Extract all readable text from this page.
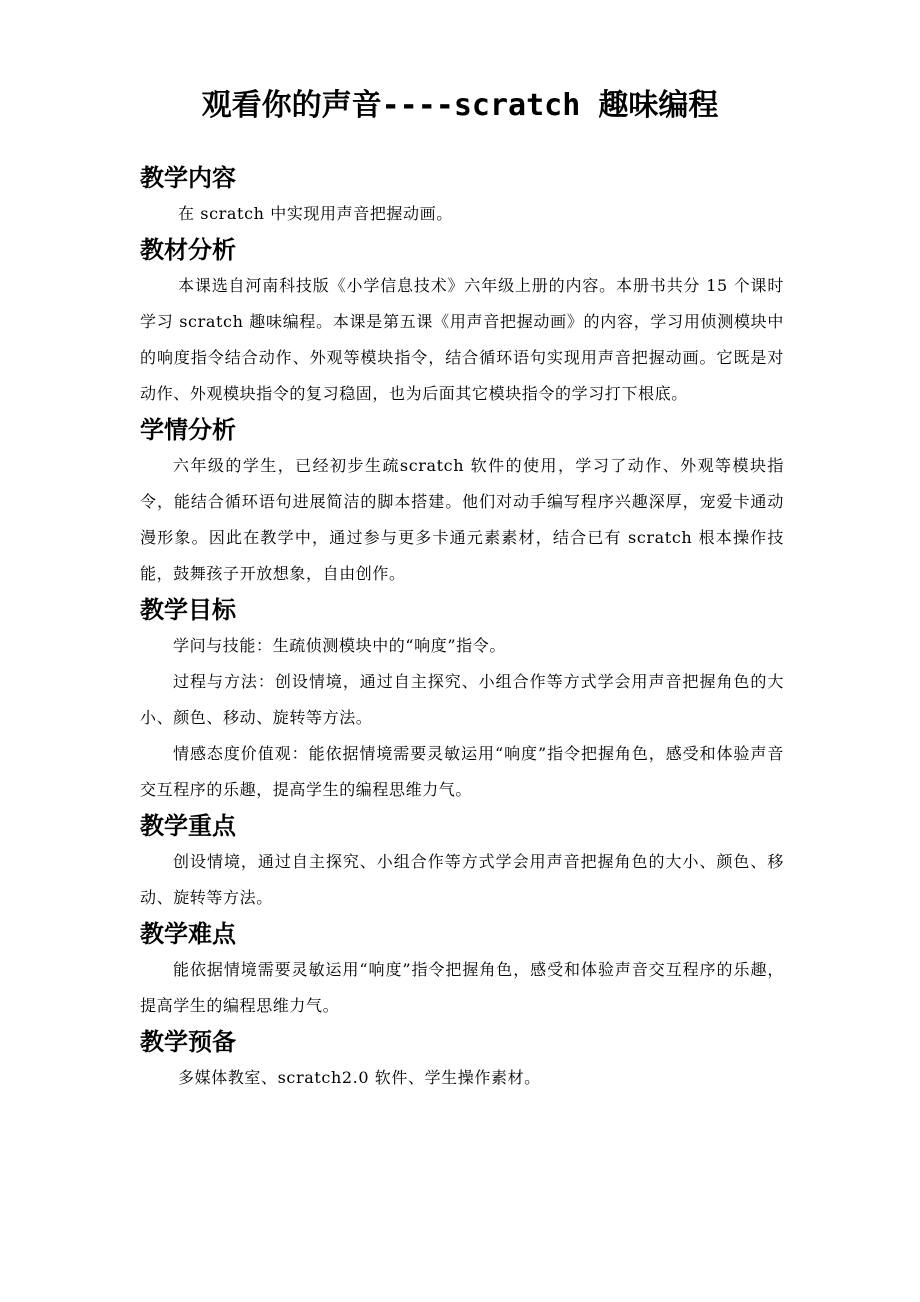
观看你的声音----scratch 趣味编程
教学内容

在 scratch 中实现用声音把握动画。

教材分析

本课选自河南科技版《小学信息技术》六年级上册的内容。本册书共分 15 个课时学习 scratch 趣味编程。本课是第五课《用声音把握动画》的内容，学习用侦测模块中的响度指令结合动作、外观等模块指令，结合循环语句实现用声音把握动画。它既是对动作、外观模块指令的复习稳固，也为后面其它模块指令的学习打下根底。

学情分析

六年级的学生，已经初步生疏scratch 软件的使用，学习了动作、外观等模块指令，能结合循环语句进展简洁的脚本搭建。他们对动手编写程序兴趣深厚，宠爱卡通动漫形象。因此在教学中，通过参与更多卡通元素素材，结合已有 scratch 根本操作技能，鼓舞孩子开放想象，自由创作。

教学目标

学问与技能：生疏侦测模块中的“响度”指令。

过程与方法：创设情境，通过自主探究、小组合作等方式学会用声音把握角色的大小、颜色、移动、旋转等方法。

情感态度价值观：能依据情境需要灵敏运用“响度”指令把握角色，感受和体验声音交互程序的乐趣，提高学生的编程思维力气。

教学重点

创设情境，通过自主探究、小组合作等方式学会用声音把握角色的大小、颜色、移动、旋转等方法。

教学难点

能依据情境需要灵敏运用“响度”指令把握角色，感受和体验声音交互程序的乐趣，提高学生的编程思维力气。

教学预备

多媒体教室、scratch2.0 软件、学生操作素材。
